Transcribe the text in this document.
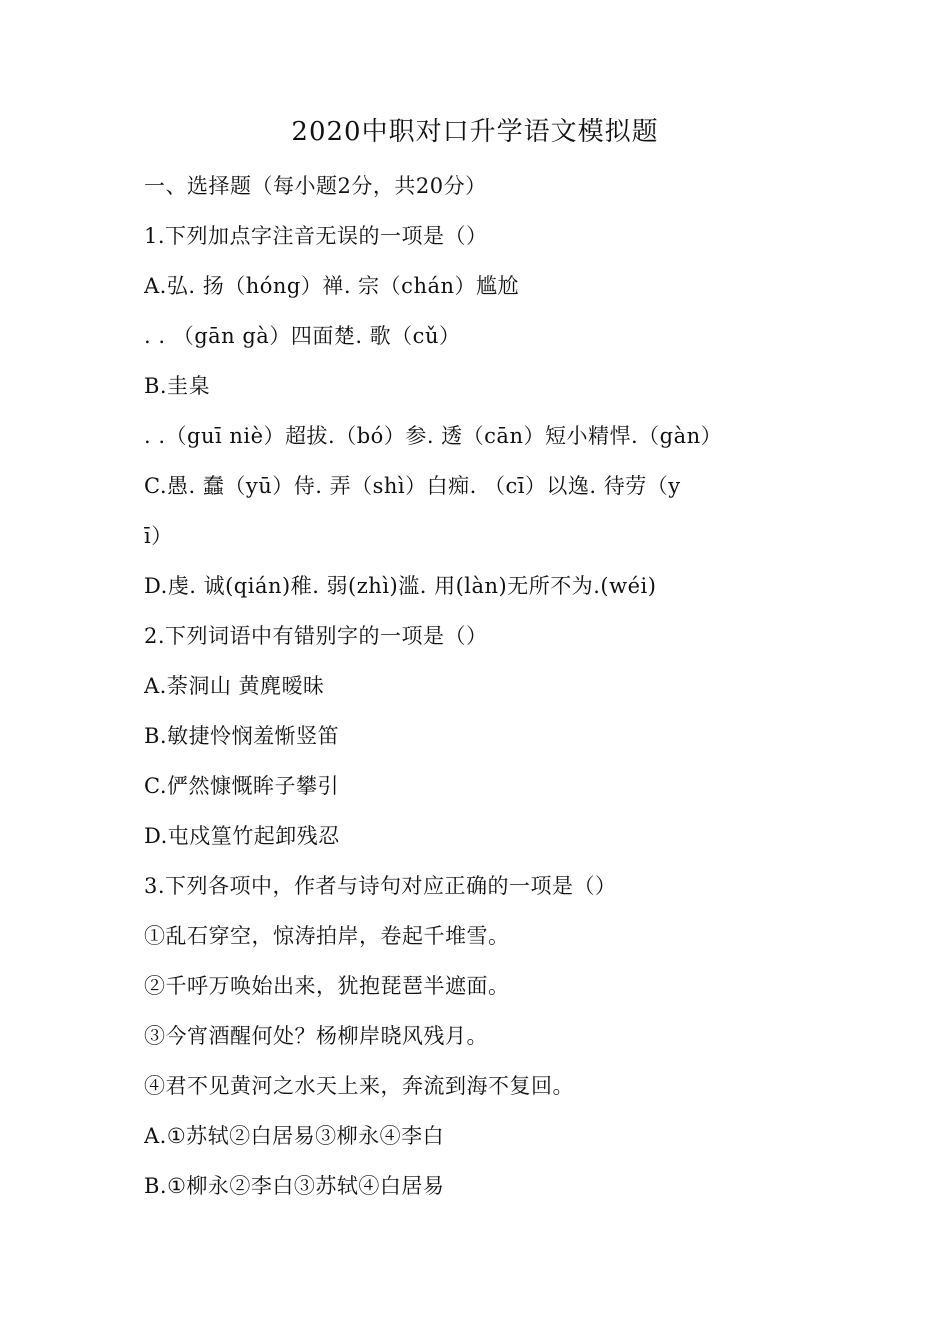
2020中职对口升学语文模拟题
一、选择题（每小题2分，共20分）
1.下列加点字注音无误的一项是（）
A.弘. 扬（hóng）禅. 宗（chán）尴尬
. . （gān gà）四面楚. 歌（cǔ）
B.圭臬
. .（guī niè）超拔.（bó）参. 透（cān）短小精悍.（gàn）
C.愚. 蠢（yū）侍. 弄（shì）白痴. （cī）以逸. 待劳（y
ī）
D.虔. 诚(qián)稚. 弱(zhì)滥. 用(làn)无所不为.(wéi)
2.下列词语中有错别字的一项是（）
A.荼洞山 黄麂暧昧
B.敏捷怜悯羞惭竖笛
C.俨然慷慨眸子攀引
D.屯戍篁竹起卸残忍
3.下列各项中，作者与诗句对应正确的一项是（）
①乱石穿空，惊涛拍岸，卷起千堆雪。
②千呼万唤始出来，犹抱琵琶半遮面。
③今宵酒醒何处？杨柳岸晓风残月。
④君不见黄河之水天上来，奔流到海不复回。
A.①苏轼②白居易③柳永④李白
B.①柳永②李白③苏轼④白居易
